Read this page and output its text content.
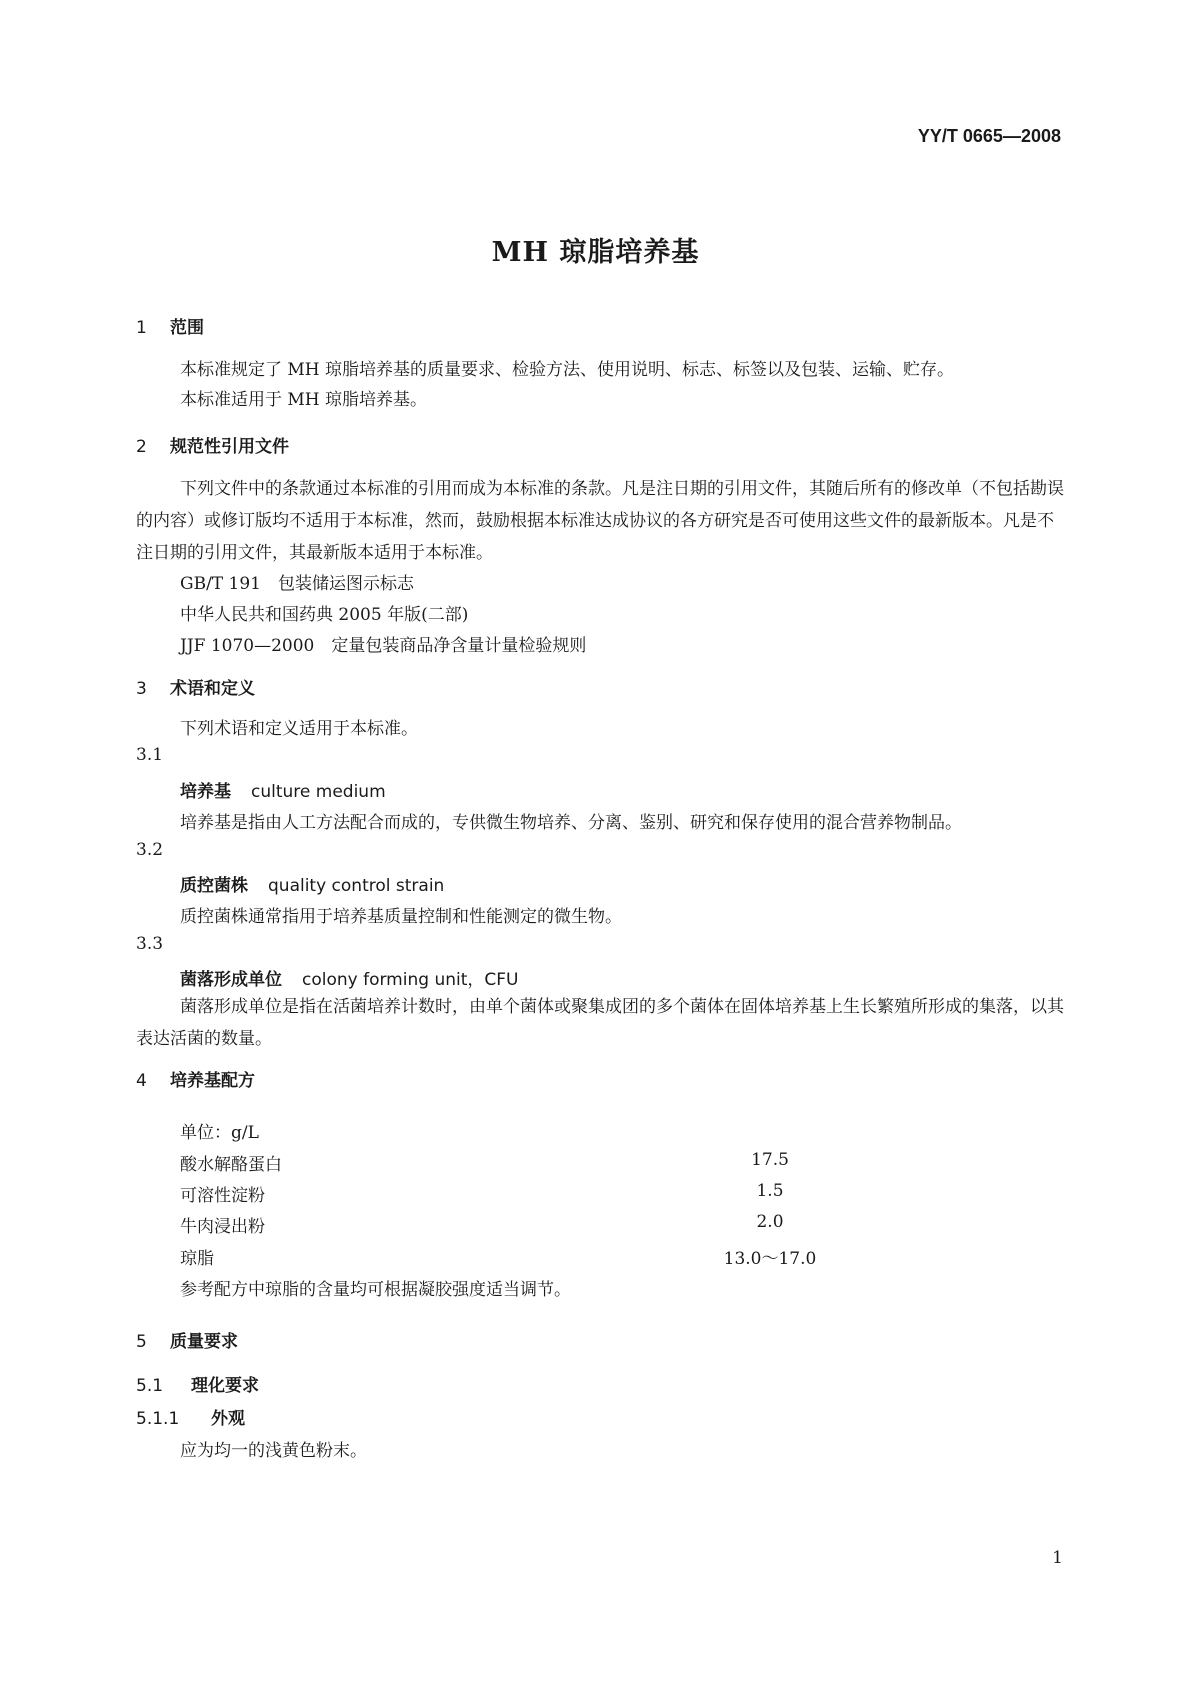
YY/T 0665—2008
MH 琼脂培养基
1 范围
本标准规定了 MH 琼脂培养基的质量要求、检验方法、使用说明、标志、标签以及包装、运输、贮存。
本标准适用于 MH 琼脂培养基。
2 规范性引用文件
下列文件中的条款通过本标准的引用而成为本标准的条款。凡是注日期的引用文件，其随后所有的修改单（不包括勘误的内容）或修订版均不适用于本标准，然而，鼓励根据本标准达成协议的各方研究是否可使用这些文件的最新版本。凡是不注日期的引用文件，其最新版本适用于本标准。
GB/T 191　包装储运图示标志
中华人民共和国药典 2005 年版(二部)
JJF 1070—2000　定量包装商品净含量计量检验规则
3 术语和定义
下列术语和定义适用于本标准。
3.1
培养基 culture medium
培养基是指由人工方法配合而成的，专供微生物培养、分离、鉴别、研究和保存使用的混合营养物制品。
3.2
质控菌株 quality control strain
质控菌株通常指用于培养基质量控制和性能测定的微生物。
3.3
菌落形成单位 colony forming unit，CFU
菌落形成单位是指在活菌培养计数时，由单个菌体或聚集成团的多个菌体在固体培养基上生长繁殖所形成的集落，以其表达活菌的数量。
4 培养基配方
单位：g/L
酸水解酪蛋白	17.5
可溶性淀粉	1.5
牛肉浸出粉	2.0
琼脂	13.0～17.0
参考配方中琼脂的含量均可根据凝胶强度适当调节。
5 质量要求
5.1 理化要求
5.1.1 外观
应为均一的浅黄色粉末。
1
